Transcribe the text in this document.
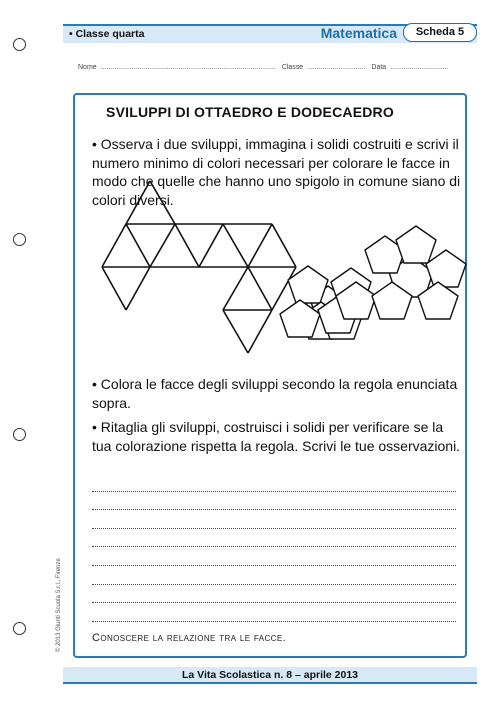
• Classe quarta	Matematica	Scheda 5
Nome .......................................................................................... Classe .............................. Data ..............................
SVILUPPI DI OTTAEDRO E DODECAEDRO
• Osserva i due sviluppi, immagina i solidi costruiti e scrivi il numero minimo di colori necessari per colorare le facce in modo che quelle che hanno uno spigolo in comune siano di colori diversi.
• Colora le facce degli sviluppi secondo la regola enunciata sopra.
• Ritaglia gli sviluppi, costruisci i solidi per verificare se la tua colorazione rispetta la regola. Scrivi le tue osservazioni.
Conoscere la relazione tra le facce.
© 2013 Giunti Scuola S.r.l., Firenze
La Vita Scolastica n. 8 – aprile 2013
